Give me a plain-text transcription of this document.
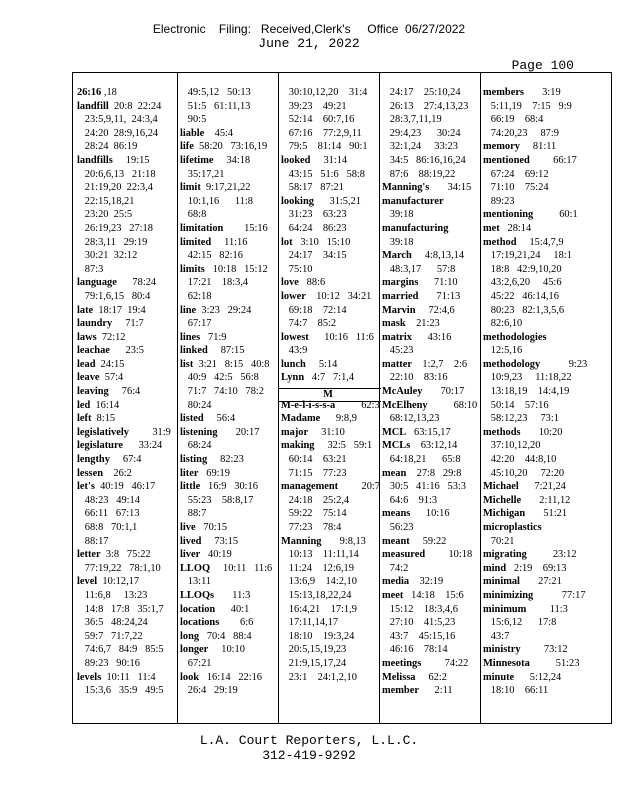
Electronic    Filing:   Received,Clerk's     Office  06/27/2022
June 21, 2022
Page 100
26:16 ,18
landfill  20:8  22:24
23:5,9,11,  24:3,4
24:20  28:9,16,24
28:24  86:19
landfills     19:15
20:6,6,13   21:18
21:19,20  22:3,4
22:15,18,21
23:20  25:5
26:19,23   27:18
28:3,11   29:19
30:21  32:12
87:3
language      78:24
79:1,6,15   80:4
late  18:17  19:4
laundry     71:7
laws  72:12
leachae      23:5
lead  24:15
leave  57:4
leaving     76:4
led  16:14
left  8:15
legislatively         31:9
legislature      33:24
lengthy     67:4
lessen    26:2
let's  40:19   46:17
48:23   49:14
66:11   67:13
68:8   70:1,1
88:17
letter  3:8   75:22
77:19,22   78:1,10
level  10:12,17
11:6,8     13:23
14:8   17:8   35:1,7
36:5   48:24,24
59:7   71:7,22
74:6,7   84:9   85:5
89:23   90:16
levels  10:11   11:4
15:3,6   35:9   49:5
49:5,12   50:13
51:5   61:11,13
90:5
liable    45:4
life  58:20   73:16,19
lifetime     34:18
35:17,21
limit  9:17,21,22
10:1,16      11:8
68:8
limitation        15:16
limited     11:16
42:15   82:16
limits   10:18   15:12
17:21    18:3,4
62:18
line  3:23   29:24
67:17
lines   71:9
linked     87:15
list  3:21   8:15   40:8
40:9   42:5   56:8
71:7   74:10   78:2
80:24
listed     56:4
listening       20:17
68:24
listing     82:23
liter   69:19
little   16:9   30:16
55:23    58:8,17
88:7
live   70:15
lived     73:15
liver   40:19
LLOQ     10:11   11:6
13:11
LLOQs       11:3
location      40:1
locations        6:6
long   70:4   88:4
longer     10:10
67:21
look   16:14   22:16
26:4   29:19
30:10,12,20    31:4
39:23    49:21
52:14    60:7,16
67:16    77:2,9,11
79:5    81:14   90:1
looked     31:14
43:15   51:6   58:8
58:17   87:21
looking      31:5,21
31:23    63:23
64:24    86:23
lot   3:10   15:10
24:17    34:15
75:10
love   88:6
lower    10:12   34:21
69:18    72:14
74:7    85:2
lowest      10:16   11:6
43:9
lunch     5:14
Lynn   4:7   7:1,4
M
M-e-l-i-s-s-a          62:3
Madame      9:8,9
major     31:10
making     32:5   59:1
60:14    63:21
71:15    77:23
management         20:7
24:18    25:2,4
59:22    75:14
77:23    78:4
Manning       9:8,13
10:13    11:11,14
11:24    12:6,19
13:6,9    14:2,10
15:13,18,22,24
16:4,21    17:1,9
17:11,14,17
18:10    19:3,24
20:5,15,19,23
21:9,15,17,24
23:1    24:1,2,10
24:17    25:10,24
26:13    27:4,13,23
28:3,7,11,19
29:4,23      30:24
32:1,24     33:23
34:5   86:16,16,24
87:6    88:19,22
Manning's       34:15
manufacturer
39:18
manufacturing
39:18
March     4:8,13,14
48:3,17      57:8
margins      71:10
married       71:13
Marvin     72:4,6
mask    21:23
matrix      43:16
45:23
matter    1:2,7    2:6
22:10    83:16
McAuley       70:17
McElheny          68:10
68:12,13,23
MCL   63:15,17
MCLs    63:12,14
64:18,21      65:8
mean    27:8   29:8
30:5   41:16   53:3
64:6    91:3
means      10:16
56:23
meant     59:22
measured         10:18
74:2
media    32:19
meet   14:18    15:6
15:12    18:3,4,6
27:10    41:5,23
43:7    45:15,16
46:16    78:14
meetings         74:22
Melissa     62:2
member      2:11
members       3:19
5:11,19    7:15   9:9
66:19    68:4
74:20,23     87:9
memory     81:11
mentioned         66:17
67:24    69:12
71:10    75:24
89:23
mentioning          60:1
met   28:14
method     15:4,7,9
17:19,21,24     18:1
18:8   42:9,10,20
43:2,6,20     45:6
45:22   46:14,16
80:23   82:1,3,5,6
82:6,10
methodologies
12:5,16
methodology           9:23
10:9,23     11:18,22
13:18,19    14:4,19
50:14    57:16
58:12,23     73:1
methods       10:20
37:10,12,20
42:20    44:8,10
45:10,20     72:20
Michael      7:21,24
Michelle       2:11,12
Michigan       51:21
microplastics
70:21
migrating          23:12
mind   2:19    69:13
minimal       27:21
minimizing           77:17
minimum         11:3
15:6,12      17:8
43:7
ministry         73:12
Minnesota          51:23
minute      5:12,24
18:10    66:11
L.A. Court Reporters, L.L.C.
312-419-9292
